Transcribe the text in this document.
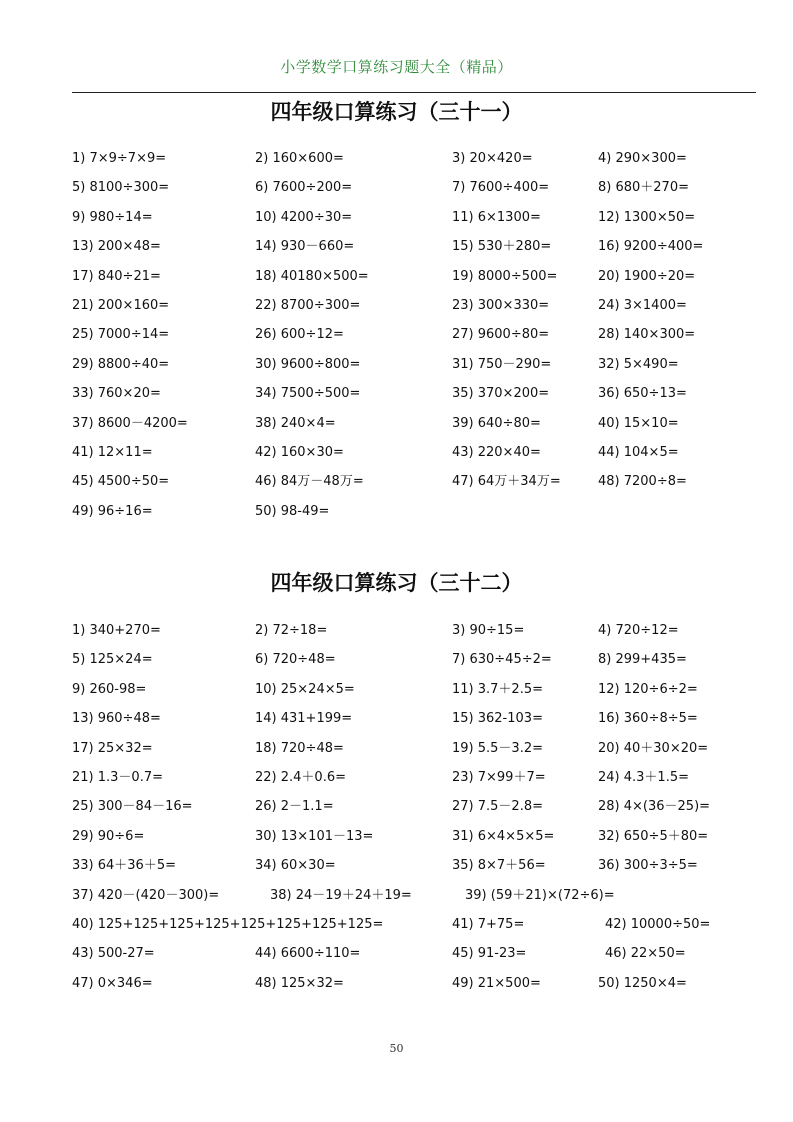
小学数学口算练习题大全（精品）
四年级口算练习（三十一）
1) 7×9÷7×9=	2) 160×600=	3) 20×420=	4) 290×300=
5) 8100÷300=	6) 7600÷200=	7) 7600÷400=	8) 680＋270=
9) 980÷14=	10) 4200÷30=	11) 6×1300=	12) 1300×50=
13) 200×48=	14) 930－660=	15) 530＋280=	16) 9200÷400=
17) 840÷21=	18) 40180×500=	19) 8000÷500=	20) 1900÷20=
21) 200×160=	22) 8700÷300=	23) 300×330=	24) 3×1400=
25) 7000÷14=	26) 600÷12=	27) 9600÷80=	28) 140×300=
29) 8800÷40=	30) 9600÷800=	31) 750－290=	32) 5×490=
33) 760×20=	34) 7500÷500=	35) 370×200=	36) 650÷13=
37) 8600－4200=	38) 240×4=	39) 640÷80=	40) 15×10=
41) 12×11=	42) 160×30=	43) 220×40=	44) 104×5=
45) 4500÷50=	46) 84万－48万=	47) 64万＋34万=	48) 7200÷8=
49) 96÷16=	50) 98-49=
四年级口算练习（三十二）
1) 340+270=	2) 72÷18=	3) 90÷15=	4) 720÷12=
5) 125×24=	6) 720÷48=	7) 630÷45÷2=	8) 299+435=
9) 260-98=	10) 25×24×5=	11) 3.7＋2.5=	12) 120÷6÷2=
13) 960÷48=	14) 431+199=	15) 362-103=	16) 360÷8÷5=
17) 25×32=	18) 720÷48=	19) 5.5－3.2=	20) 40＋30×20=
21) 1.3－0.7=	22) 2.4＋0.6=	23) 7×99＋7=	24) 4.3＋1.5=
25) 300－84－16=	26) 2－1.1=	27) 7.5－2.8=	28) 4×(36－25)=
29) 90÷6=	30) 13×101－13=	31) 6×4×5×5=	32) 650÷5＋80=
33) 64＋36＋5=	34) 60×30=	35) 8×7＋56=	36) 300÷3÷5=
37) 420－(420－300)=	38) 24－19＋24＋19=	39) (59＋21)×(72÷6)=
40) 125+125+125+125+125+125+125+125=	41) 7+75=	42) 10000÷50=
43) 500-27=	44) 6600÷110=	45) 91-23=	46) 22×50=
47) 0×346=	48) 125×32=	49) 21×500=	50) 1250×4=
50
